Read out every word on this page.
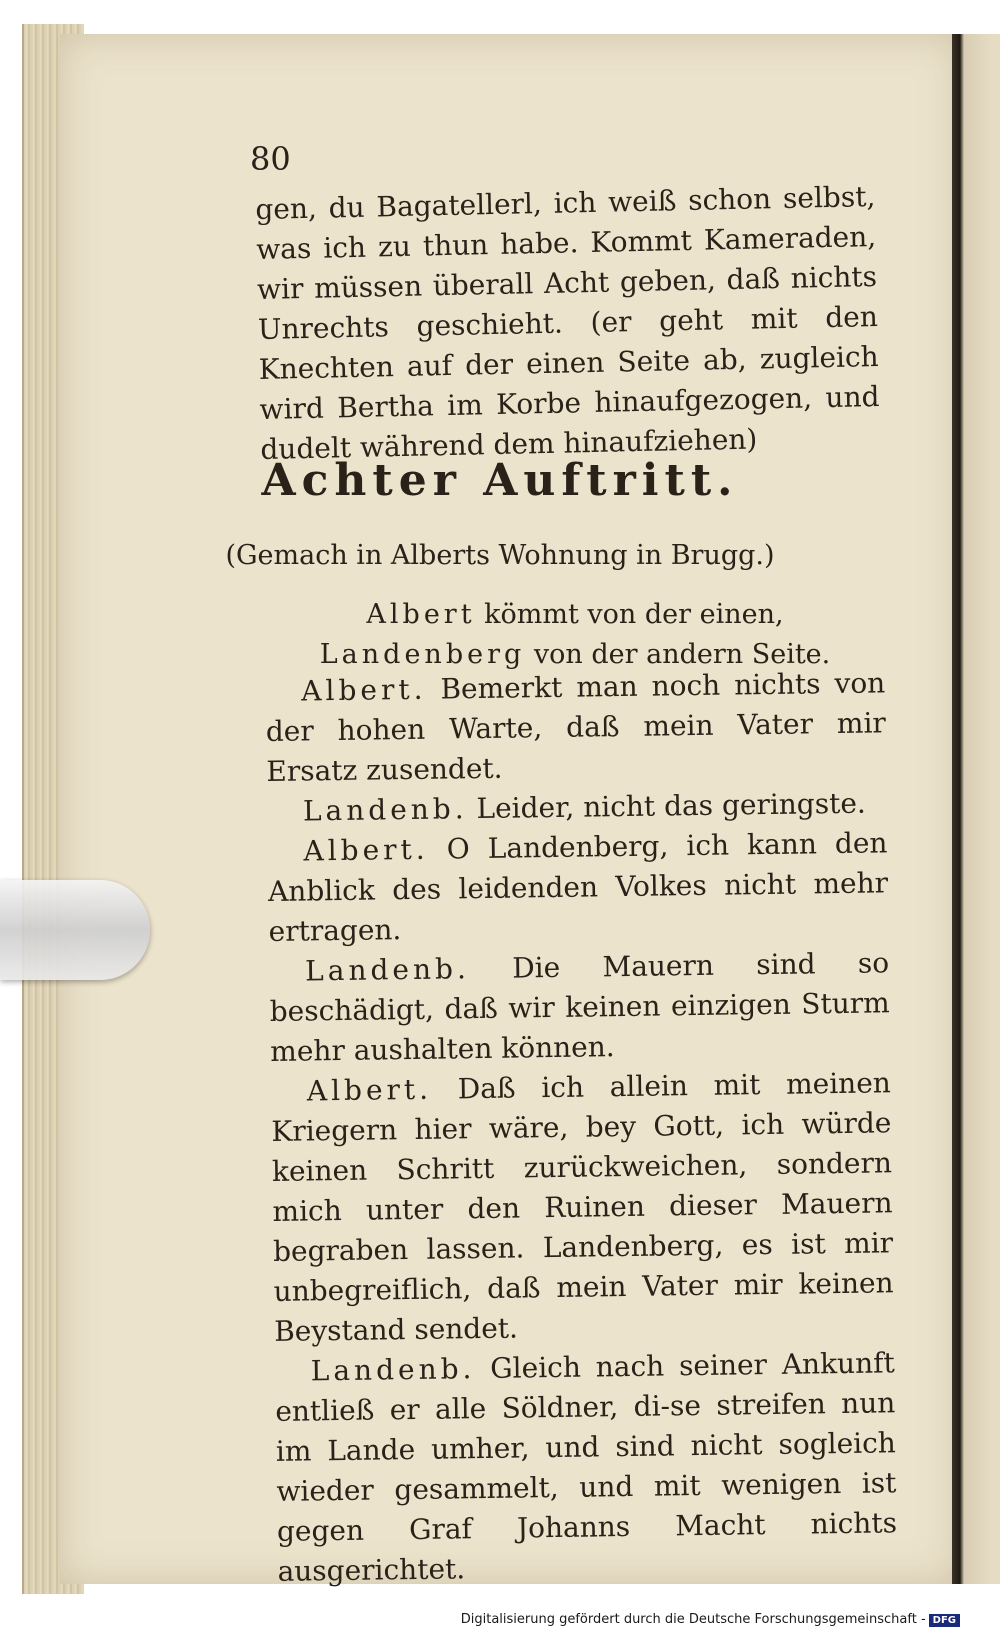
80

gen, du Bagatellerl, ich weiß schon selbst, was ich zu thun habe. Kommt Kameraden, wir müssen überall Acht geben, daß nichts Unrechts geschieht. (er geht mit den Knechten auf der einen Seite ab, zugleich wird Bertha im Korbe hinaufgezogen, und dudelt während dem hinaufziehen)

Achter Auftritt.
(Gemach in Alberts Wohnung in Brugg.)
Albert kömmt von der einen, Landenberg von der andern Seite.

Albert. Bemerkt man noch nichts von der hohen Warte, daß mein Vater mir Ersatz zusendet.

Landenb. Leider, nicht das geringste.

Albert. O Landenberg, ich kann den Anblick des leidenden Volkes nicht mehr ertragen.

Landenb. Die Mauern sind so beschädigt, daß wir keinen einzigen Sturm mehr aushalten können.

Albert. Daß ich allein mit meinen Kriegern hier wäre, bey Gott, ich würde keinen Schritt zurückweichen, sondern mich unter den Ruinen dieser Mauern begraben lassen. Landenberg, es ist mir unbegreiflich, daß mein Vater mir keinen Beystand sendet.

Landenb. Gleich nach seiner Ankunft entließ er alle Söldner, di-se streifen nun im Lande umher, und sind nicht sogleich wieder gesammelt, und mit wenigen ist gegen Graf Johanns Macht nichts ausgerichtet.

Digitalisierung gefördert durch die Deutsche Forschungsgemeinschaft - DFG
